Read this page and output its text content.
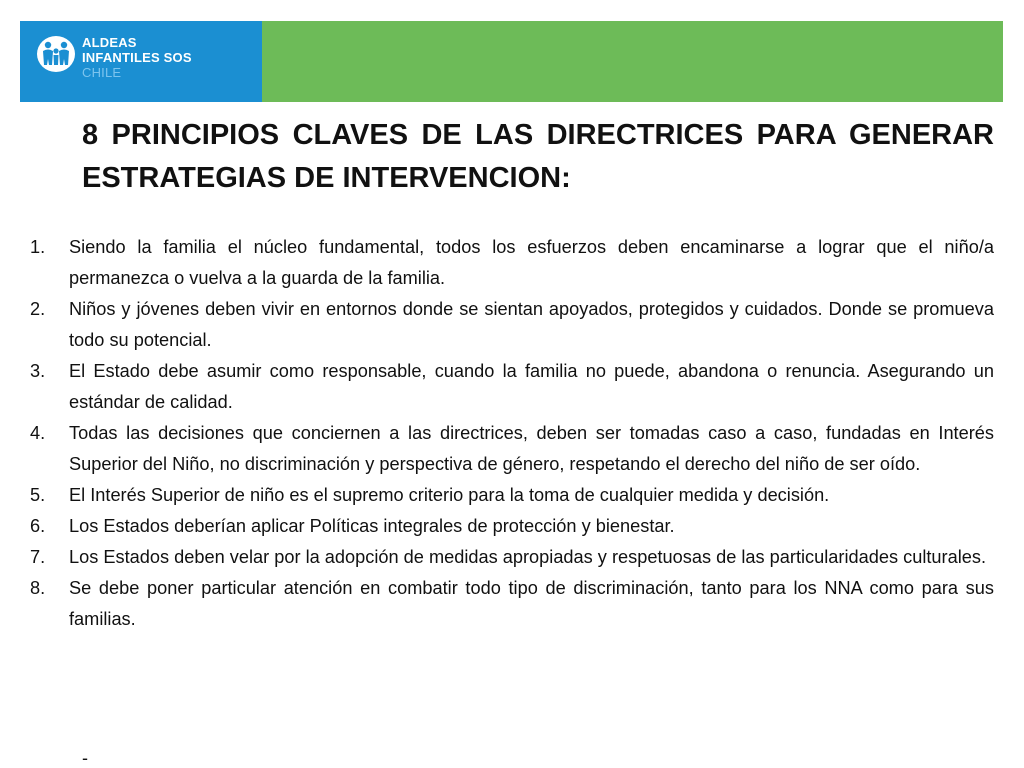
ALDEAS
INFANTILES SOS
CHILE
8 PRINCIPIOS CLAVES DE LAS DIRECTRICES PARA GENERAR ESTRATEGIAS DE INTERVENCION:
1. Siendo la familia el núcleo fundamental, todos los esfuerzos deben encaminarse a lograr que el niño/a permanezca o vuelva a la guarda de la familia.
2. Niños y jóvenes deben vivir en entornos donde se sientan apoyados, protegidos y cuidados. Donde se promueva todo su potencial.
3. El Estado debe asumir como responsable, cuando la familia no puede, abandona o renuncia. Asegurando un estándar de calidad.
4. Todas las decisiones que conciernen a las directrices, deben ser tomadas caso a caso, fundadas en Interés Superior del Niño, no discriminación y perspectiva de género, respetando el derecho del niño de ser oído.
5. El Interés Superior de niño es el supremo criterio para la toma de cualquier medida y decisión.
6. Los Estados deberían aplicar Políticas integrales de protección y bienestar.
7. Los Estados deben velar por la adopción de medidas apropiadas y respetuosas de las particularidades culturales.
8. Se debe poner particular atención en combatir todo tipo de discriminación, tanto para los NNA como para sus familias.
-
